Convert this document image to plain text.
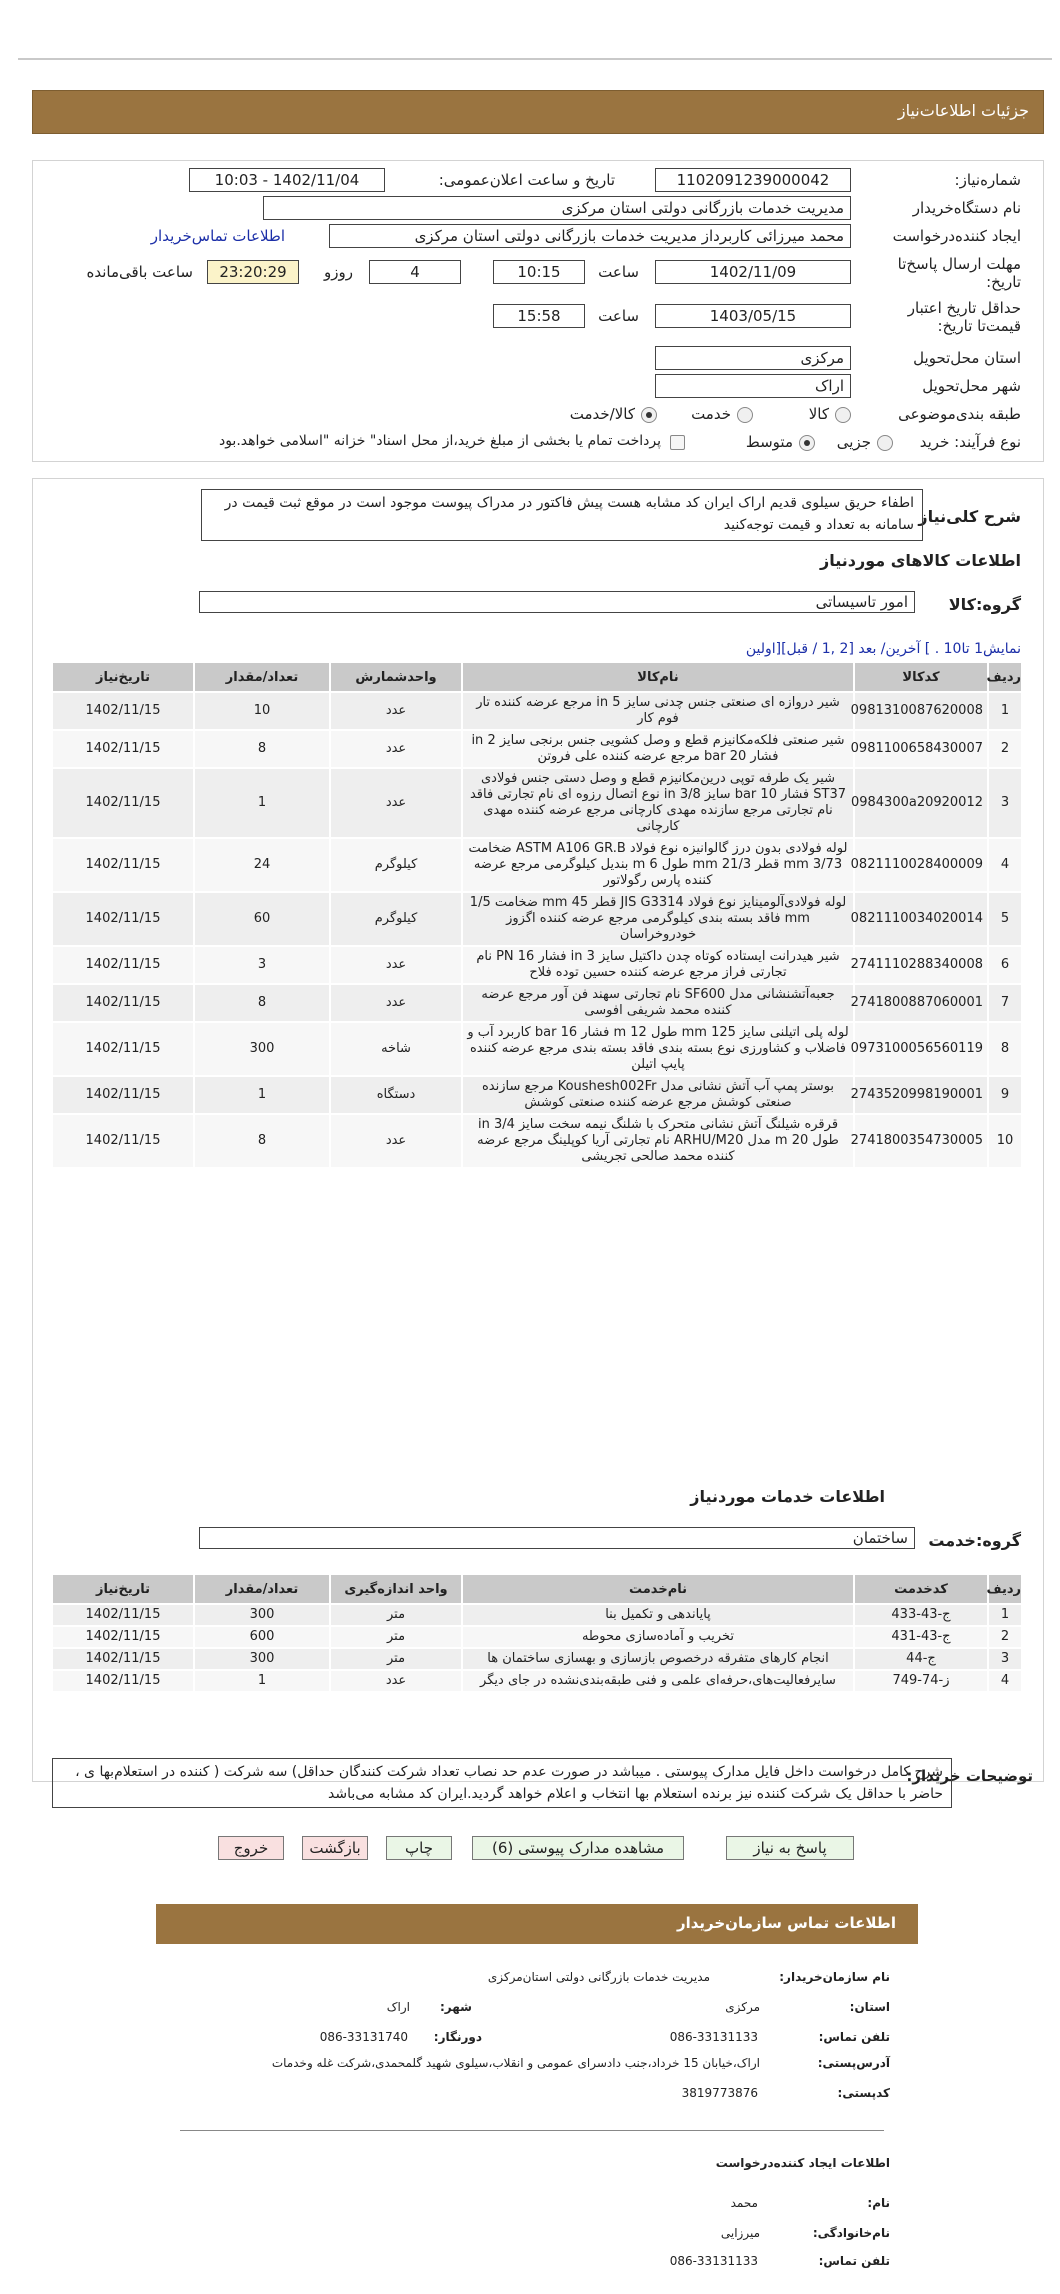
جزئیات اطلاعات‌نیاز
شماره‌نیاز:
1102091239000042
تاریخ و ساعت اعلان‌عمومی:
1402/11/04 - 10:03
نام دستگاه‌خریدار
مدیریت خدمات بازرگانی دولتی استان مرکزی
ایجاد کننده‌درخواست
محمد میرزائی کاربرداز مدیریت خدمات بازرگانی دولتی استان مرکزی
اطلاعات تماس‌خریدار
مهلت ارسال پاسخ‌تا تاریخ:
1402/11/09
ساعت
10:15
4
روزو
23:20:29
ساعت باقی‌مانده
حداقل تاریخ اعتبار قیمت‌تا تاریخ:
1403/05/15
ساعت
15:58
استان محل‌تحویل
مرکزی
شهر محل‌تحویل
اراک
طبقه بندی‌موضوعی
کالا
خدمت
کالا/خدمت
نوع فرآیند: خرید
جزیی
متوسط
پرداخت تمام یا بخشی از مبلغ خرید،از محل اسناد" خزانه "اسلامی خواهد.بود
شرح کلی‌نیاز
اطفاء حریق سیلوی قدیم اراک ایران کد مشابه هست پیش فاکتور در مدراک پیوست موجود است در موقع ثبت قیمت در سامانه به تعداد و قیمت توجه‌کنید
اطلاعات کالاهای موردنیاز
گروه:کالا
امور تاسیساتی
نمایش1 تا10 . ] آخرین/ بعد [2 ,1 / قبل][اولین
ردیف	کدکالا	نام‌کالا	واحدشمارش	تعداد/مقدار	تاریخ‌نیاز
1	0981310087620008	شیر دروازه ای صنعتی جنس چدنی سایز 5 in مرجع عرضه کننده تار فوم کار	عدد	10	1402/11/15
2	0981100658430007	شیر صنعتی فلکه‌مکانیزم قطع و وصل کشویی جنس برنجی سایز 2 in فشار 20 bar مرجع عرضه کننده علی فروتن	عدد	8	1402/11/15
3	0984300a20920012	شیر یک طرفه توپی درین‌مکانیزم قطع و وصل دستی جنس فولادی ST37 فشار 10 bar سایز 3/8 in نوع اتصال رزوه ای نام تجارتی فاقد نام تجارتی مرجع سازنده مهدی کارچانی مرجع عرضه کننده مهدی کارچانی	عدد	1	1402/11/15
4	0821110028400009	لوله فولادی بدون درز گالوانیزه نوع فولاد ASTM A106 GR.B ضخامت 3/73 mm قطر 21/3 mm طول 6 m بندیل کیلوگرمی مرجع عرضه کننده پارس رگولاتور	کیلوگرم	24	1402/11/15
5	0821110034020014	لوله فولادی‌آلومینایز نوع فولاد JIS G3314 قطر 45 mm ضخامت 1/5 mm فاقد بسته بندی کیلوگرمی مرجع عرضه کننده اگزوز خودروخراسان	کیلوگرم	60	1402/11/15
6	2741110288340008	شیر هیدرانت ایستاده کوتاه چدن داکتیل سایز 3 in فشار PN 16 نام تجارتی فراز مرجع عرضه کننده حسین توده فلاح	عدد	3	1402/11/15
7	2741800887060001	جعبه‌آتشنشانی مدل SF600 نام تجارتی سهند فن آور مرجع عرضه کننده محمد شریفی افوسی	عدد	8	1402/11/15
8	0973100056560119	لوله پلی اتیلنی سایز 125 mm طول 12 m فشار 16 bar کاربرد آب و فاضلاب و کشاورزی نوع بسته بندی فاقد بسته بندی مرجع عرضه کننده پایپ اتیلن	شاخه	300	1402/11/15
9	2743520998190001	بوستر پمپ آب آتش نشانی مدل Koushesh002Fr مرجع سازنده صنعتی کوشش مرجع عرضه کننده صنعتی کوشش	دستگاه	1	1402/11/15
10	2741800354730005	قرقره شیلنگ آتش نشانی متحرک با شلنگ نیمه سخت سایز 3/4 in طول 20 m مدل ARHU/M20 نام تجارتی آریا کوپلینگ مرجع عرضه کننده محمد صالحی تجریشی	عدد	8	1402/11/15
اطلاعات خدمات موردنیاز
گروه:خدمت
ساختمان
ردیف	کدخدمت	نام‌خدمت	واحد اندازه‌گیری	تعداد/مقدار	تاریخ‌نیاز
1	ج-43-433	پایاندهی و تکمیل بنا	متر	300	1402/11/15
2	ج-43-431	تخریب و آماده‌سازی محوطه	متر	600	1402/11/15
3	ج-44	انجام کارهای متفرقه درخصوص بازسازی و بهسازی ساختمان ها	متر	300	1402/11/15
4	ز-74-749	سایرفعالیت‌های،حرفه‌ای علمی و فنی طبقه‌بندی‌نشده در جای دیگر	عدد	1	1402/11/15
توضیحات خریدار:
شرح کامل درخواست داخل فایل مدارک پیوستی . میباشد در صورت عدم حد نصاب تعداد شرکت کنندگان حداقل) سه شرکت ( کننده در استعلام‌بها ی ، حاضر با حداقل یک شرکت کننده نیز برنده استعلام بها انتخاب و اعلام خواهد گردید.ایران کد مشابه می‌باشد
پاسخ به نیاز
مشاهده مدارک پیوستی (6)
چاپ
بازگشت
خروج
اطلاعات تماس سازمان‌خریدار
نام سازمان‌خریدار:
مدیریت خدمات بازرگانی دولتی استان‌مرکزی
استان:
مرکزی
شهر:
اراک
تلفن تماس:
086-33131133
دورنگار:
086-33131740
آدرس‌پستی:
اراک،خیابان 15 خرداد،جنب دادسرای عمومی و انقلاب،سیلوی شهید گلمحمدی،شرکت غله وخدمات
کد‌پستی:
3819773876
اطلاعات ایجاد کننده‌درخواست
نام:
محمد
نام‌خانوادگی:
میرزایی
تلفن تماس:
086-33131133
